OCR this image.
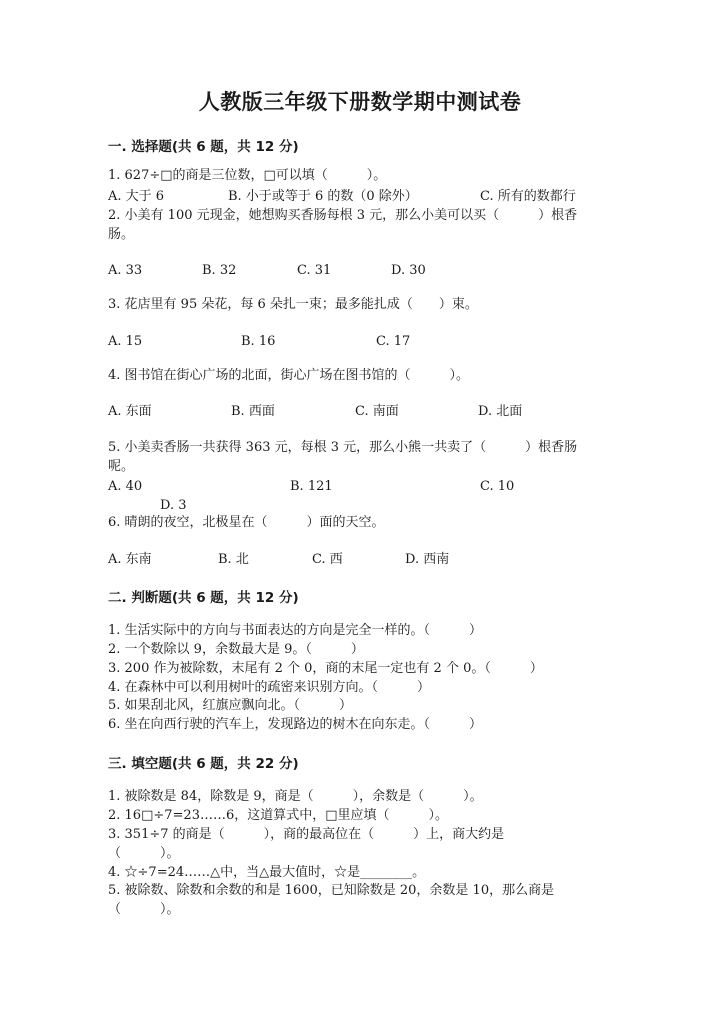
人教版三年级下册数学期中测试卷
一. 选择题(共 6 题，共 12 分)
1. 627÷□的商是三位数，□可以填（　　　）。
A. 大于 6	B. 小于或等于 6 的数（0 除外）	C. 所有的数都行
2. 小美有 100 元现金，她想购买香肠每根 3 元，那么小美可以买（　　　）根香
肠。
A. 33	B. 32	C. 31	D. 30
3. 花店里有 95 朵花，每 6 朵扎一束；最多能扎成（　　）束。
A. 15	B. 16	C. 17
4. 图书馆在街心广场的北面，街心广场在图书馆的（　　　）。
A. 东面	B. 西面	C. 南面	D. 北面
5. 小美卖香肠一共获得 363 元，每根 3 元，那么小熊一共卖了（　　　）根香肠
呢。
A. 40	B. 121	C. 10
D. 3
6. 晴朗的夜空，北极星在（　　　）面的天空。
A. 东南	B. 北	C. 西	D. 西南
二. 判断题(共 6 题，共 12 分)
1. 生活实际中的方向与书面表达的方向是完全一样的。（　　　）
2. 一个数除以 9，余数最大是 9。（　　　）
3. 200 作为被除数，末尾有 2 个 0，商的末尾一定也有 2 个 0。（　　　）
4. 在森林中可以利用树叶的疏密来识别方向。（　　　）
5. 如果刮北风，红旗应飘向北。（　　　）
6. 坐在向西行驶的汽车上，发现路边的树木在向东走。（　　　）
三. 填空题(共 6 题，共 22 分)
1. 被除数是 84，除数是 9，商是（　　　），余数是（　　　）。
2. 16□÷7=23……6，这道算式中，□里应填（　　　）。
3. 351÷7 的商是（　　　），商的最高位在（　　　）上，商大约是
（　　　）。
4. ☆÷7=24……△中，当△最大值时，☆是________。
5. 被除数、除数和余数的和是 1600，已知除数是 20，余数是 10，那么商是
（　　　）。
